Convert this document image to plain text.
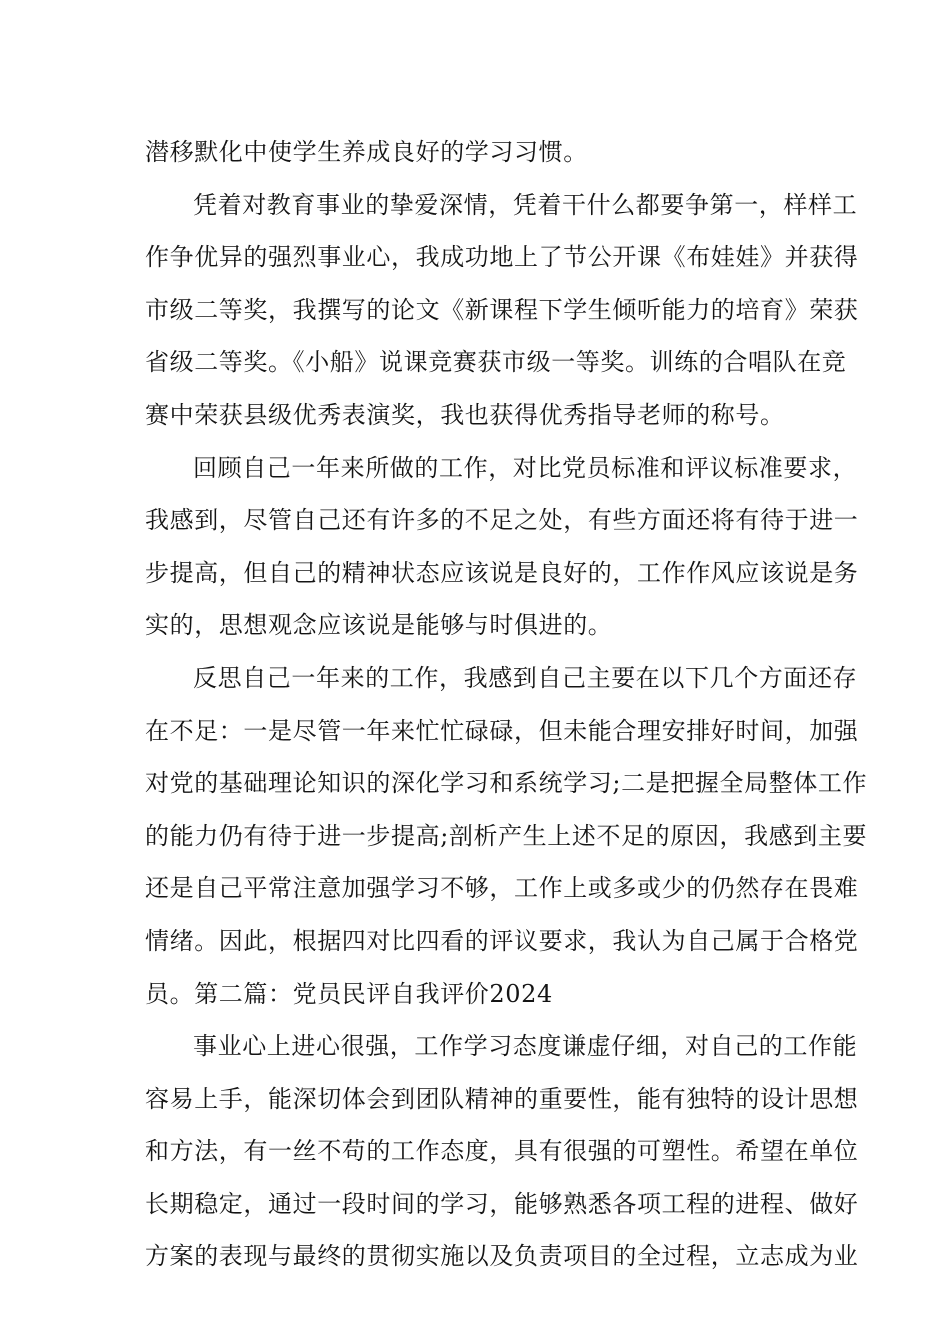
潜移默化中使学生养成良好的学习习惯。
凭着对教育事业的挚爱深情，凭着干什么都要争第一，样样工
作争优异的强烈事业心，我成功地上了节公开课《布娃娃》并获得
市级二等奖，我撰写的论文《新课程下学生倾听能力的培育》荣获
省级二等奖。《小船》说课竞赛获市级一等奖。训练的合唱队在竞
赛中荣获县级优秀表演奖，我也获得优秀指导老师的称号。
回顾自己一年来所做的工作，对比党员标准和评议标准要求，
我感到，尽管自己还有许多的不足之处，有些方面还将有待于进一
步提高，但自己的精神状态应该说是良好的，工作作风应该说是务
实的，思想观念应该说是能够与时俱进的。
反思自己一年来的工作，我感到自己主要在以下几个方面还存
在不足：一是尽管一年来忙忙碌碌，但未能合理安排好时间，加强
对党的基础理论知识的深化学习和系统学习;二是把握全局整体工作
的能力仍有待于进一步提高;剖析产生上述不足的原因，我感到主要
还是自己平常注意加强学习不够，工作上或多或少的仍然存在畏难
情绪。因此，根据四对比四看的评议要求，我认为自己属于合格党
员。第二篇：党员民评自我评价2024
事业心上进心很强，工作学习态度谦虚仔细，对自己的工作能
容易上手，能深切体会到团队精神的重要性，能有独特的设计思想
和方法，有一丝不苟的工作态度，具有很强的可塑性。希望在单位
长期稳定，通过一段时间的学习，能够熟悉各项工程的进程、做好
方案的表现与最终的贯彻实施以及负责项目的全过程，立志成为业
